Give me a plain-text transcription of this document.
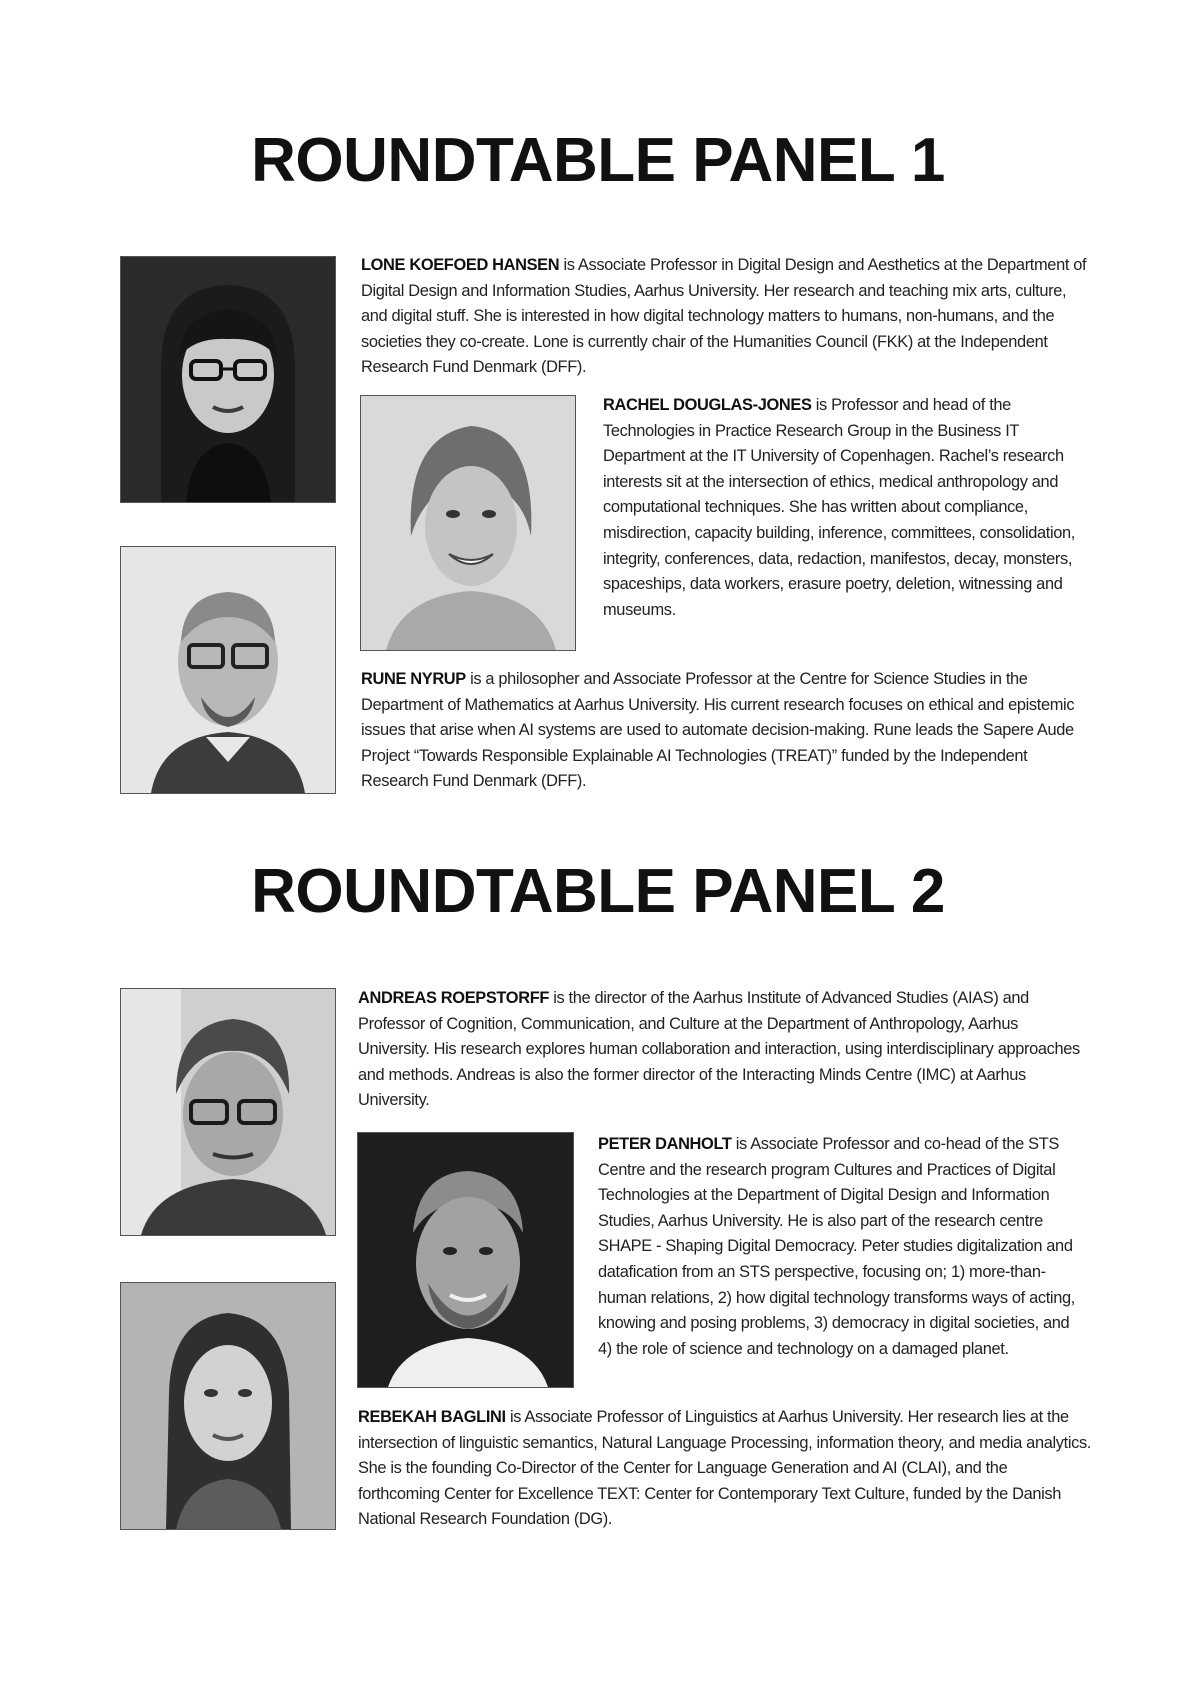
ROUNDTABLE PANEL 1

LONE KOEFOED HANSEN is Associate Professor in Digital Design and Aesthetics at the Department of Digital Design and Information Studies, Aarhus University. Her research and teaching mix arts, culture, and digital stuff. She is interested in how digital technology matters to humans, non-humans, and the societies they co-create. Lone is currently chair of the Humanities Council (FKK) at the Independent Research Fund Denmark (DFF).

RACHEL DOUGLAS-JONES is Professor and head of the Technologies in Practice Research Group in the Business IT Department at the IT University of Copenhagen. Rachel’s research interests sit at the intersection of ethics, medical anthropology and computational techniques. She has written about compliance, misdirection, capacity building, inference, committees, consolidation, integrity, conferences, data, redaction, manifestos, decay, monsters, spaceships, data workers, erasure poetry, deletion, witnessing and museums.

RUNE NYRUP is a philosopher and Associate Professor at the Centre for Science Studies in the Department of Mathematics at Aarhus University. His current research focuses on ethical and epistemic issues that arise when AI systems are used to automate decision-making. Rune leads the Sapere Aude Project “Towards Responsible Explainable AI Technologies (TREAT)” funded by the Independent Research Fund Denmark (DFF).

ROUNDTABLE PANEL 2

ANDREAS ROEPSTORFF is the director of the Aarhus Institute of Advanced Studies (AIAS) and Professor of Cognition, Communication, and Culture at the Department of Anthropology, Aarhus University. His research explores human collaboration and interaction, using interdisciplinary approaches and methods. Andreas is also the former director of the Interacting Minds Centre (IMC) at Aarhus University.

PETER DANHOLT is Associate Professor and co-head of the STS Centre and the research program Cultures and Practices of Digital Technologies at the Department of Digital Design and Information Studies, Aarhus University. He is also part of the research centre SHAPE - Shaping Digital Democracy. Peter studies digitalization and datafication from an STS perspective, focusing on; 1) more-than-human relations, 2) how digital technology transforms ways of acting, knowing and posing problems, 3) democracy in digital societies, and 4) the role of science and technology on a damaged planet.

REBEKAH BAGLINI is Associate Professor of Linguistics at Aarhus University. Her research lies at the intersection of linguistic semantics, Natural Language Processing, information theory, and media analytics. She is the founding Co-Director of the Center for Language Generation and AI (CLAI), and the forthcoming Center for Excellence TEXT: Center for Contemporary Text Culture, funded by the Danish National Research Foundation (DG).
